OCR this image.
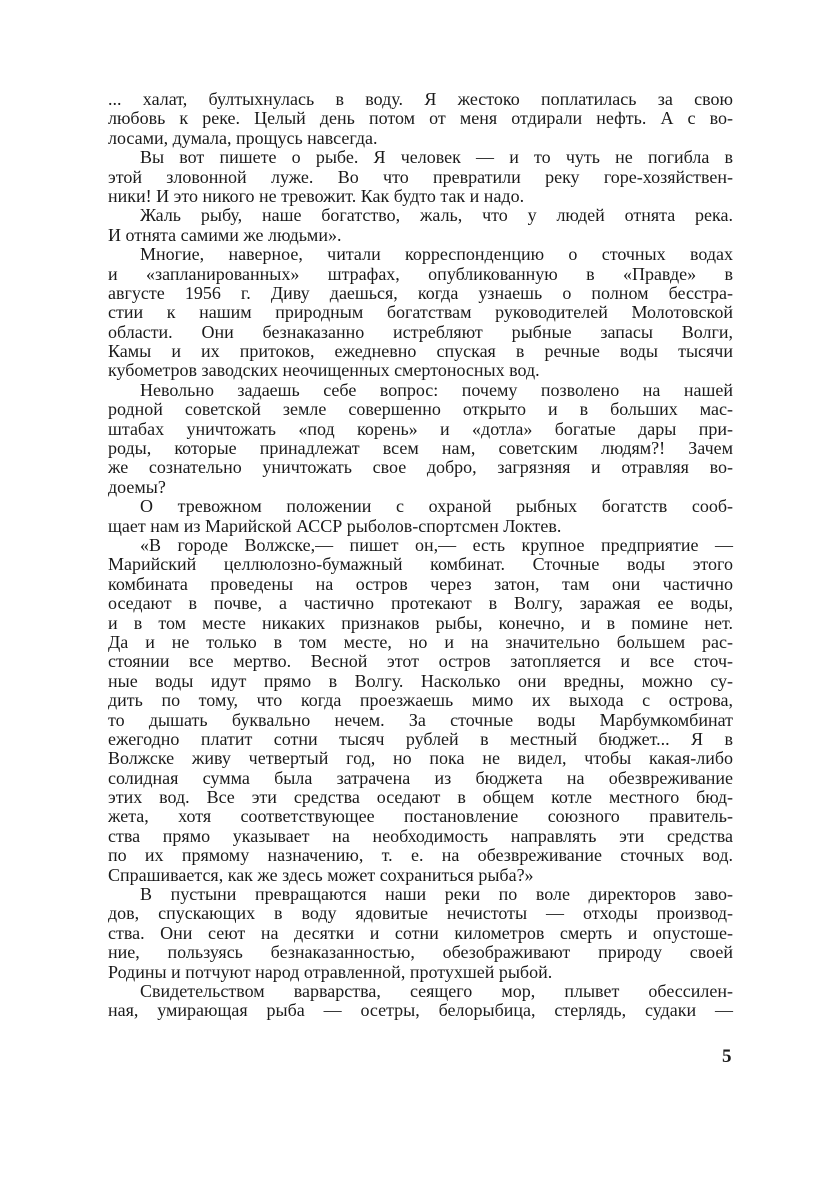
... халат, бултыхнулась в воду. Я жестоко поплатилась за свою
любовь к реке. Целый день потом от меня отдирали нефть. А с во-
лосами, думала, прощусь навсегда.
Вы вот пишете о рыбе. Я человек — и то чуть не погибла в
этой зловонной луже. Во что превратили реку горе-хозяйствен-
ники! И это никого не тревожит. Как будто так и надо.
Жаль рыбу, наше богатство, жаль, что у людей отнята река.
И отнята самими же людьми».
Многие, наверное, читали корреспонденцию о сточных водах
и «запланированных» штрафах, опубликованную в «Правде» в
августе 1956 г. Диву даешься, когда узнаешь о полном бесстра-
стии к нашим природным богатствам руководителей Молотовской
области. Они безнаказанно истребляют рыбные запасы Волги,
Камы и их притоков, ежедневно спуская в речные воды тысячи
кубометров заводских неочищенных смертоносных вод.
Невольно задаешь себе вопрос: почему позволено на нашей
родной советской земле совершенно открыто и в больших мас-
штабах уничтожать «под корень» и «дотла» богатые дары при-
роды, которые принадлежат всем нам, советским людям?! Зачем
же сознательно уничтожать свое добро, загрязняя и отравляя во-
доемы?
О тревожном положении с охраной рыбных богатств сооб-
щает нам из Марийской АССР рыболов-спортсмен Локтев.
«В городе Волжске,— пишет он,— есть крупное предприятие —
Марийский целлюлозно-бумажный комбинат. Сточные воды этого
комбината проведены на остров через затон, там они частично
оседают в почве, а частично протекают в Волгу, заражая ее воды,
и в том месте никаких признаков рыбы, конечно, и в помине нет.
Да и не только в том месте, но и на значительно большем рас-
стоянии все мертво. Весной этот остров затопляется и все сточ-
ные воды идут прямо в Волгу. Насколько они вредны, можно су-
дить по тому, что когда проезжаешь мимо их выхода с острова,
то дышать буквально нечем. За сточные воды Марбумкомбинат
ежегодно платит сотни тысяч рублей в местный бюджет... Я в
Волжске живу четвертый год, но пока не видел, чтобы какая-либо
солидная сумма была затрачена из бюджета на обезвреживание
этих вод. Все эти средства оседают в общем котле местного бюд-
жета, хотя соответствующее постановление союзного правитель-
ства прямо указывает на необходимость направлять эти средства
по их прямому назначению, т. е. на обезвреживание сточных вод.
Спрашивается, как же здесь может сохраниться рыба?»
В пустыни превращаются наши реки по воле директоров заво-
дов, спускающих в воду ядовитые нечистоты — отходы производ-
ства. Они сеют на десятки и сотни километров смерть и опустоше-
ние, пользуясь безнаказанностью, обезображивают природу своей
Родины и потчуют народ отравленной, протухшей рыбой.
Свидетельством варварства, сеящего мор, плывет обессилен-
ная, умирающая рыба — осетры, белорыбица, стерлядь, судаки —
5
